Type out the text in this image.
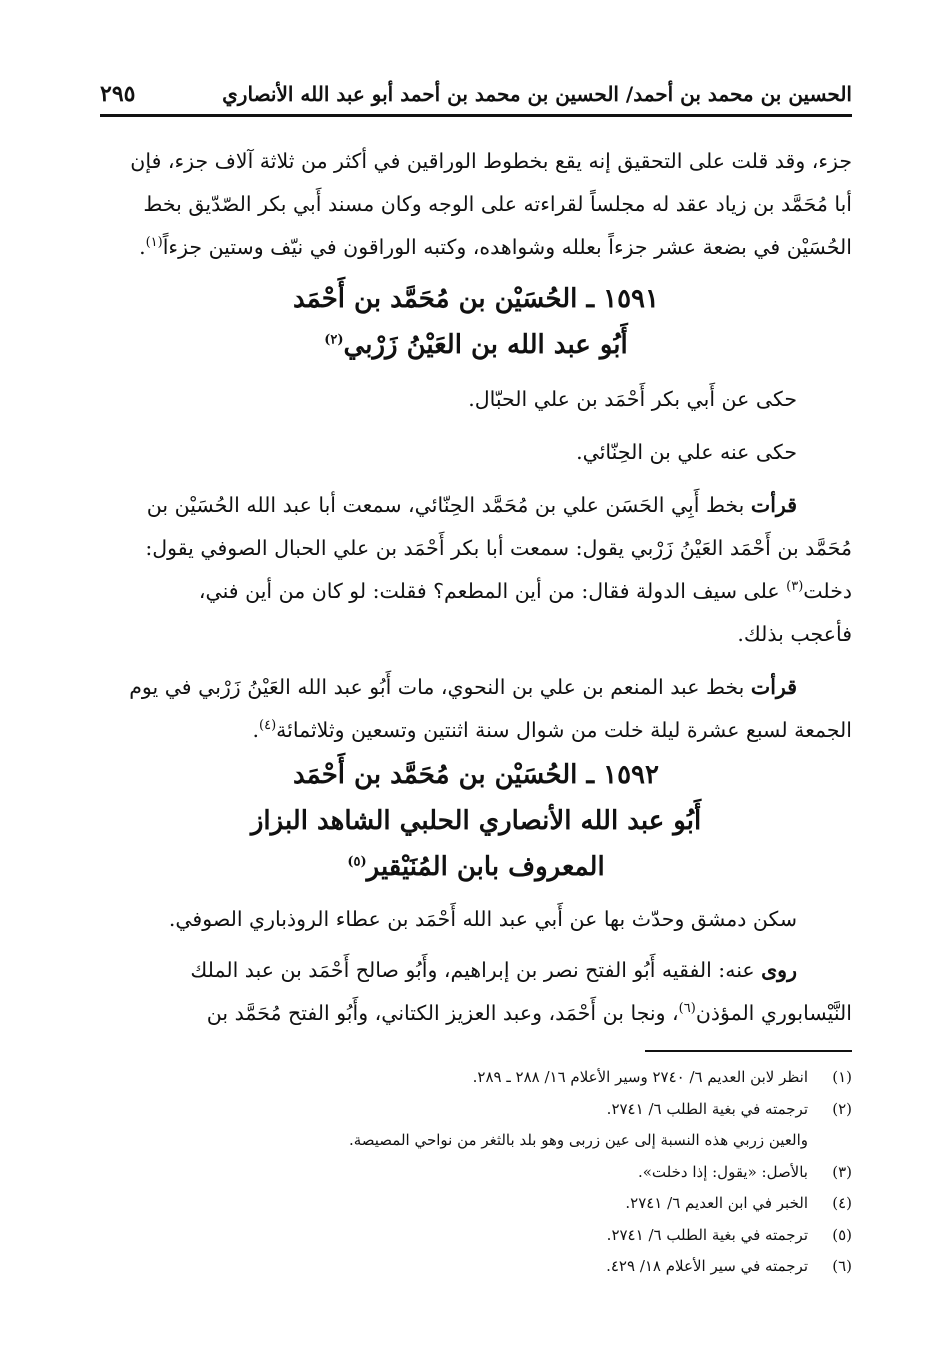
الحسين بن محمد بن أحمد/ الحسين بن محمد بن أحمد أبو عبد الله الأنصاري
٢٩٥
جزء، وقد قلت على التحقيق إنه يقع بخطوط الوراقين في أكثر من ثلاثة آلاف جزء، فإن
أبا مُحَمَّد بن زياد عقد له مجلساً لقراءته على الوجه وكان مسند أَبي بكر الصّدّيق بخط
الحُسَيْن في بضعة عشر جزءاً بعلله وشواهده، وكتبه الوراقون في نيّف وستين جزءاً$^{(١)}$.
١٥٩١ ـ الحُسَيْن بن مُحَمَّد بن أَحْمَد
أَبُو عبد الله بن العَيْنُ زَرْبي$^{(٢)}$
حكى عن أَبي بكر أَحْمَد بن علي الحبّال.
حكى عنه علي بن الحِنّائي.
قرأت بخط أَبِي الحَسَن علي بن مُحَمَّد الحِنّائي، سمعت أبا عبد الله الحُسَيْن بن
مُحَمَّد بن أَحْمَد العَيْنُ زَرْبي يقول: سمعت أبا بكر أَحْمَد بن علي الحبال الصوفي يقول:
دخلت$^{(٣)}$ على سيف الدولة فقال: من أين المطعم؟ فقلت: لو كان من أين فني،
فأعجب بذلك.
قرأت بخط عبد المنعم بن علي بن النحوي، مات أَبُو عبد الله العَيْنُ زَرْبي في يوم
الجمعة لسبع عشرة ليلة خلت من شوال سنة اثنتين وتسعين وثلاثمائة$^{(٤)}$.
١٥٩٢ ـ الحُسَيْن بن مُحَمَّد بن أَحْمَد
أَبُو عبد الله الأنصاري الحلبي الشاهد البزاز
المعروف بابن المُنَيْقير$^{(٥)}$
سكن دمشق وحدّث بها عن أَبي عبد الله أَحْمَد بن عطاء الروذباري الصوفي.
روى عنه: الفقيه أَبُو الفتح نصر بن إبراهيم، وأَبُو صالح أَحْمَد بن عبد الملك
النَّيْسابوري المؤذن$^{(٦)}$، ونجا بن أَحْمَد، وعبد العزيز الكتاني، وأَبُو الفتح مُحَمَّد بن
(١)
انظر لابن العديم ٦/ ٢٧٤٠ وسير الأعلام ١٦/ ٢٨٨ ـ ٢٨٩.
(٢)
ترجمته في بغية الطلب ٦/ ٢٧٤١.
والعين زربي هذه النسبة إلى عين زربى وهو بلد بالثغر من نواحي المصيصة.
(٣)
بالأصل: «يقول: إذا دخلت».
(٤)
الخبر في ابن العديم ٦/ ٢٧٤١.
(٥)
ترجمته في بغية الطلب ٦/ ٢٧٤١.
(٦)
ترجمته في سير الأعلام ١٨/ ٤٢٩.
